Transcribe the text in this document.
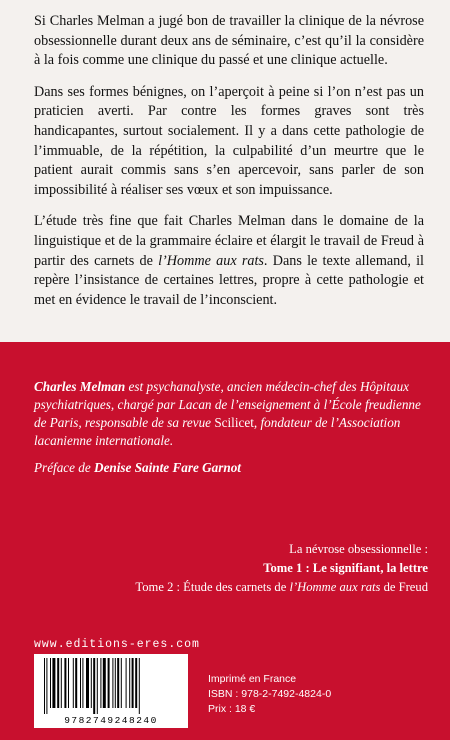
Si Charles Melman a jugé bon de travailler la clinique de la névrose obsessionnelle durant deux ans de séminaire, c’est qu’il la considère à la fois comme une clinique du passé et une clinique actuelle.

Dans ses formes bénignes, on l’aperçoit à peine si l’on n’est pas un praticien averti. Par contre les formes graves sont très handicapantes, surtout socialement. Il y a dans cette pathologie de l’immuable, de la répétition, la culpabilité d’un meurtre que le patient aurait commis sans s’en apercevoir, sans parler de son impossibilité à réaliser ses vœux et son impuissance.

L’étude très fine que fait Charles Melman dans le domaine de la linguistique et de la grammaire éclaire et élargit le travail de Freud à partir des carnets de l’Homme aux rats. Dans le texte allemand, il repère l’insistance de certaines lettres, propre à cette pathologie et met en évidence le travail de l’inconscient.

Charles Melman est psychanalyste, ancien médecin-chef des Hôpitaux psychiatriques, chargé par Lacan de l’enseignement à l’École freudienne de Paris, responsable de sa revue Scilicet, fondateur de l’Association lacanienne internationale.
Préface de Denise Sainte Fare Garnot
La névrose obsessionnelle :
Tome 1 : Le signifiant, la lettre
Tome 2 : Étude des carnets de l’Homme aux rats de Freud
www.editions-eres.com
9782749248240
Imprimé en France
ISBN : 978-2-7492-4824-0
Prix : 18 €
